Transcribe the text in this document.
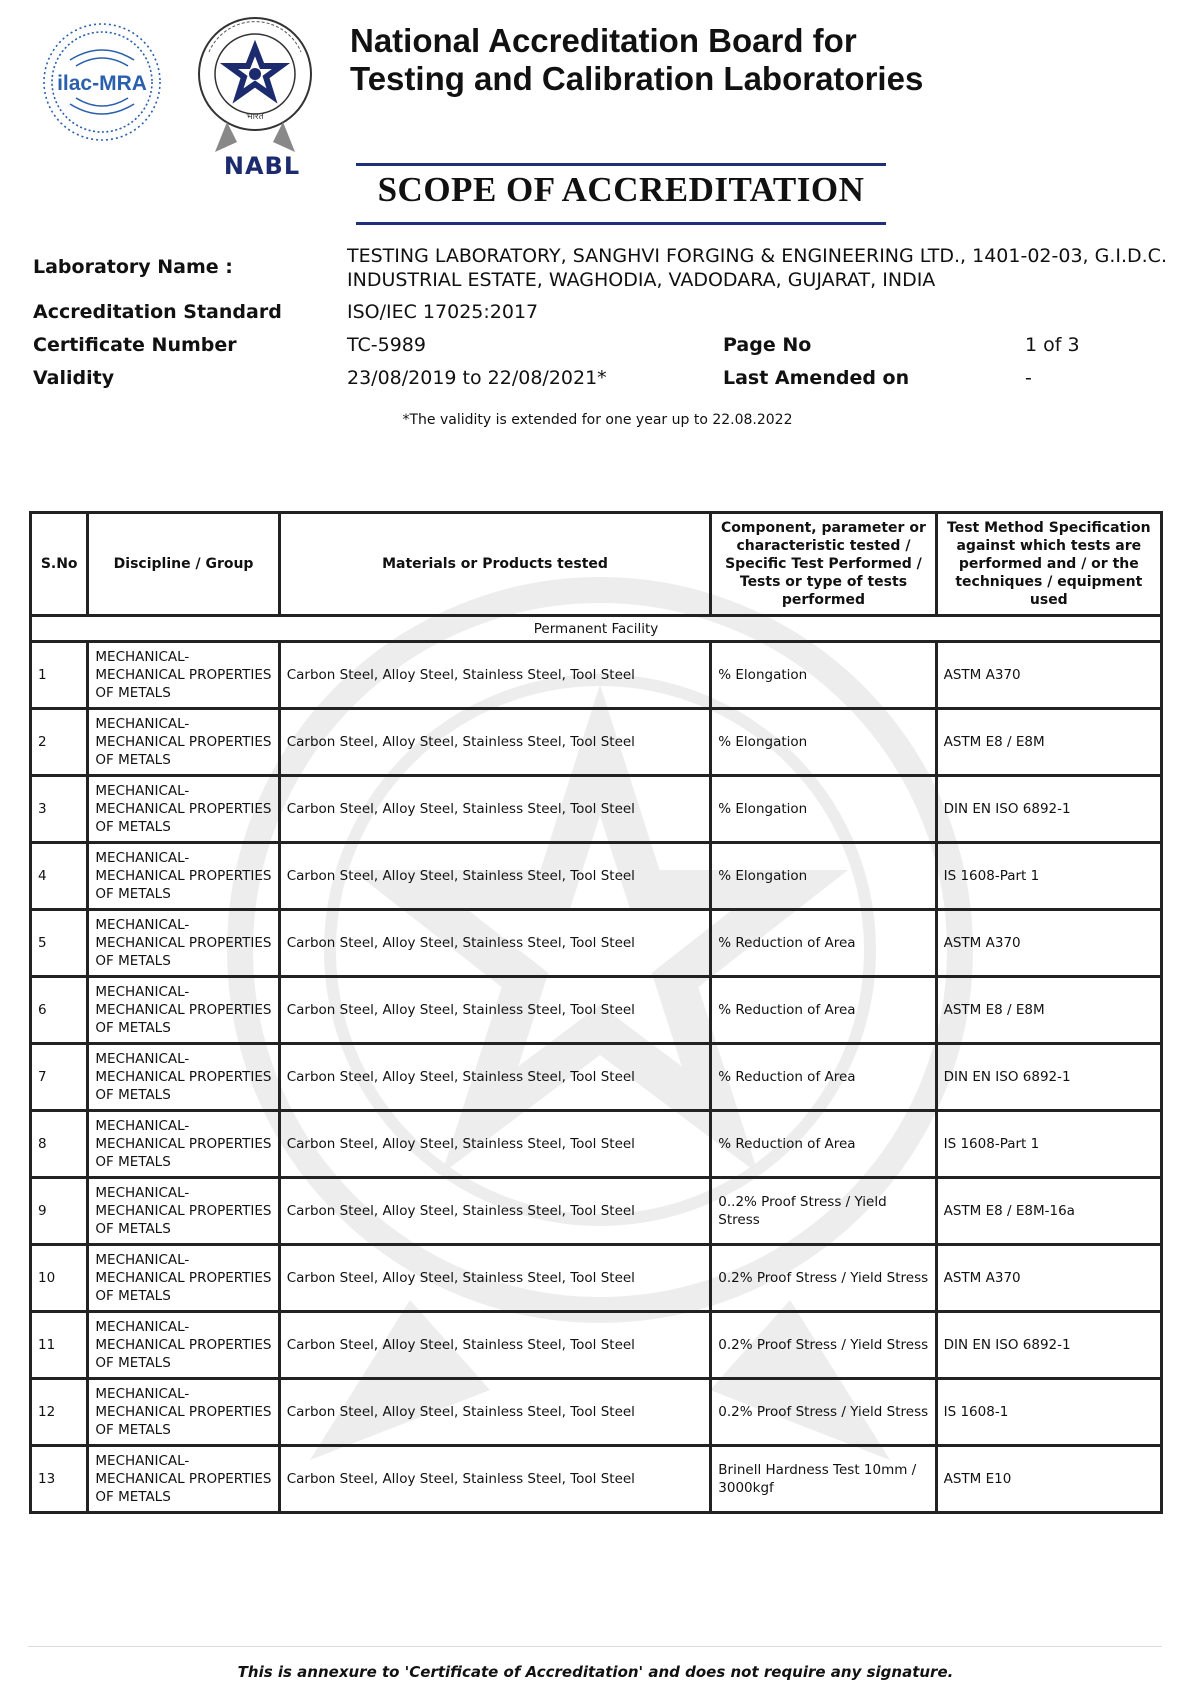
ilac-MRA
भारत
NABL
National Accreditation Board for
Testing and Calibration Laboratories
SCOPE OF ACCREDITATION
Laboratory Name :	TESTING LABORATORY, SANGHVI FORGING & ENGINEERING LTD., 1401-02-03, G.I.D.C.
INDUSTRIAL ESTATE, WAGHODIA, VADODARA, GUJARAT, INDIA
Accreditation Standard	ISO/IEC 17025:2017
Certificate Number	TC-5989	Page No	1 of 3
Validity	23/08/2019 to 22/08/2021*	Last Amended on	-
*The validity is extended for one year up to 22.08.2022
S.No	Discipline / Group	Materials or Products tested	Component, parameter or characteristic tested / Specific Test Performed / Tests or type of tests performed	Test Method Specification against which tests are performed and / or the techniques / equipment used
Permanent Facility				
1	MECHANICAL-
MECHANICAL PROPERTIES
OF METALS	Carbon Steel, Alloy Steel, Stainless Steel, Tool Steel	% Elongation	ASTM A370
2	MECHANICAL-
MECHANICAL PROPERTIES
OF METALS	Carbon Steel, Alloy Steel, Stainless Steel, Tool Steel	% Elongation	ASTM E8 / E8M
3	MECHANICAL-
MECHANICAL PROPERTIES
OF METALS	Carbon Steel, Alloy Steel, Stainless Steel, Tool Steel	% Elongation	DIN EN ISO 6892-1
4	MECHANICAL-
MECHANICAL PROPERTIES
OF METALS	Carbon Steel, Alloy Steel, Stainless Steel, Tool Steel	% Elongation	IS 1608-Part 1
5	MECHANICAL-
MECHANICAL PROPERTIES
OF METALS	Carbon Steel, Alloy Steel, Stainless Steel, Tool Steel	% Reduction of Area	ASTM A370
6	MECHANICAL-
MECHANICAL PROPERTIES
OF METALS	Carbon Steel, Alloy Steel, Stainless Steel, Tool Steel	% Reduction of Area	ASTM E8 / E8M
7	MECHANICAL-
MECHANICAL PROPERTIES
OF METALS	Carbon Steel, Alloy Steel, Stainless Steel, Tool Steel	% Reduction of Area	DIN EN ISO 6892-1
8	MECHANICAL-
MECHANICAL PROPERTIES
OF METALS	Carbon Steel, Alloy Steel, Stainless Steel, Tool Steel	% Reduction of Area	IS 1608-Part 1
9	MECHANICAL-
MECHANICAL PROPERTIES
OF METALS	Carbon Steel, Alloy Steel, Stainless Steel, Tool Steel	0..2% Proof Stress / Yield Stress	ASTM E8 / E8M-16a
10	MECHANICAL-
MECHANICAL PROPERTIES
OF METALS	Carbon Steel, Alloy Steel, Stainless Steel, Tool Steel	0.2% Proof Stress / Yield Stress	ASTM A370
11	MECHANICAL-
MECHANICAL PROPERTIES
OF METALS	Carbon Steel, Alloy Steel, Stainless Steel, Tool Steel	0.2% Proof Stress / Yield Stress	DIN EN ISO 6892-1
12	MECHANICAL-
MECHANICAL PROPERTIES
OF METALS	Carbon Steel, Alloy Steel, Stainless Steel, Tool Steel	0.2% Proof Stress / Yield Stress	IS 1608-1
13	MECHANICAL-
MECHANICAL PROPERTIES
OF METALS	Carbon Steel, Alloy Steel, Stainless Steel, Tool Steel	Brinell Hardness Test 10mm / 3000kgf	ASTM E10
This is annexure to 'Certificate of Accreditation' and does not require any signature.
